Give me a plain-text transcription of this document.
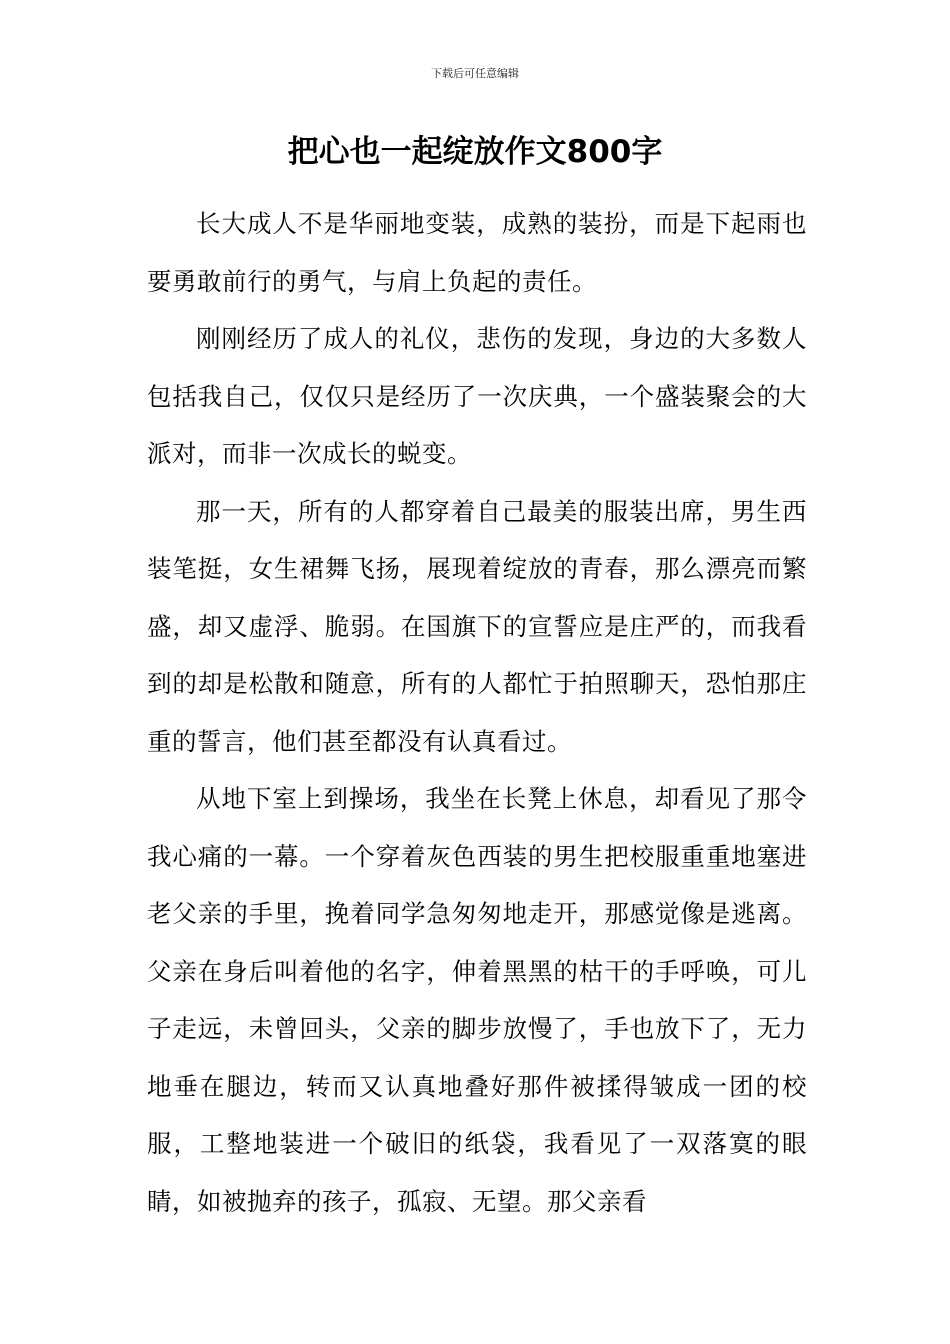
下载后可任意编辑
把心也一起绽放作文800字

长大成人不是华丽地变装，成熟的装扮，而是下起雨也要勇敢前行的勇气，与肩上负起的责任。

刚刚经历了成人的礼仪，悲伤的发现，身边的大多数人包括我自己，仅仅只是经历了一次庆典，一个盛装聚会的大派对，而非一次成长的蜕变。

那一天，所有的人都穿着自己最美的服装出席，男生西装笔挺，女生裙舞飞扬，展现着绽放的青春，那么漂亮而繁盛，却又虚浮、脆弱。在国旗下的宣誓应是庄严的，而我看到的却是松散和随意，所有的人都忙于拍照聊天，恐怕那庄重的誓言，他们甚至都没有认真看过。

从地下室上到操场，我坐在长凳上休息，却看见了那令我心痛的一幕。一个穿着灰色西装的男生把校服重重地塞进老父亲的手里，挽着同学急匆匆地走开，那感觉像是逃离。父亲在身后叫着他的名字，伸着黑黑的枯干的手呼唤，可儿子走远，未曾回头，父亲的脚步放慢了，手也放下了，无力地垂在腿边，转而又认真地叠好那件被揉得皱成一团的校服，工整地装进一个破旧的纸袋，我看见了一双落寞的眼睛，如被抛弃的孩子，孤寂、无望。那父亲看
